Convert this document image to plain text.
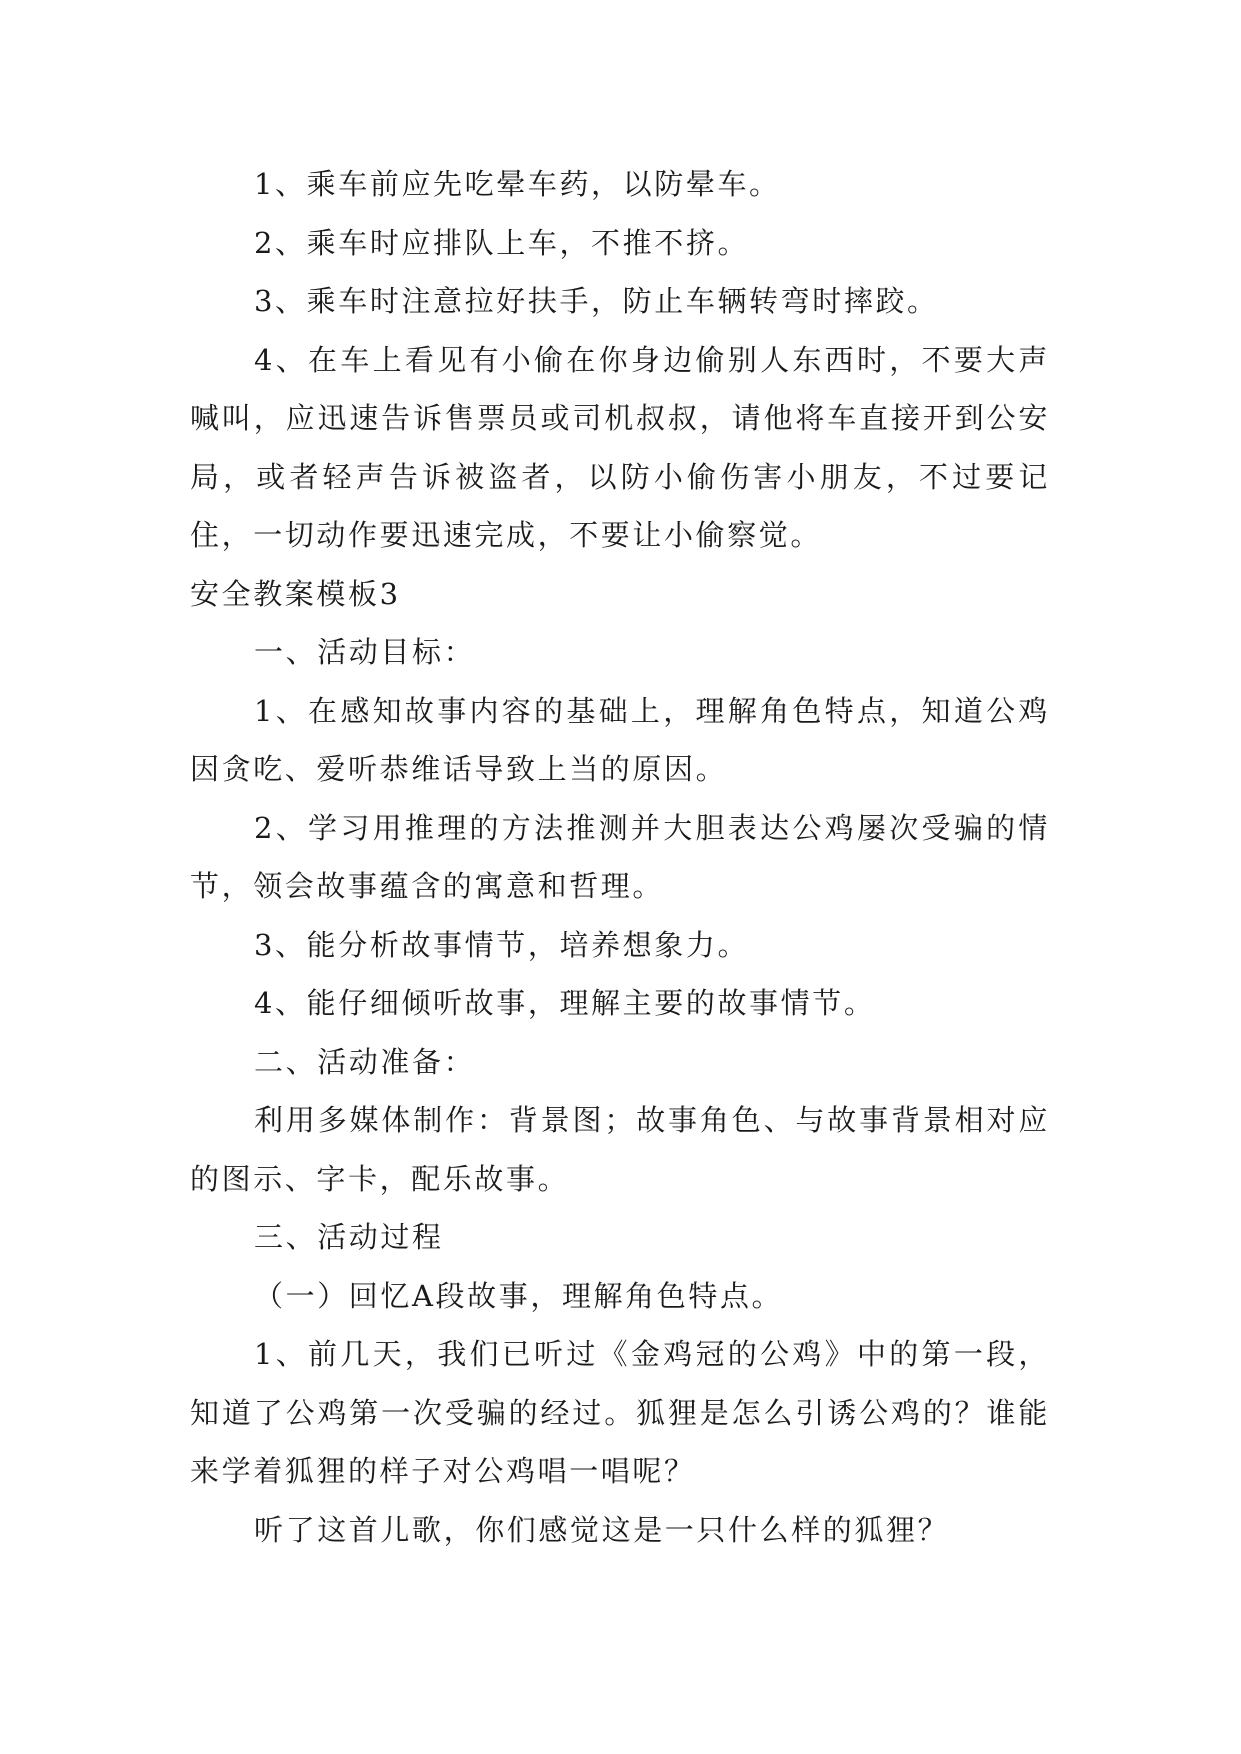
1、乘车前应先吃晕车药，以防晕车。

2、乘车时应排队上车，不推不挤。

3、乘车时注意拉好扶手，防止车辆转弯时摔跤。

4、在车上看见有小偷在你身边偷别人东西时，不要大声喊叫，应迅速告诉售票员或司机叔叔，请他将车直接开到公安局，或者轻声告诉被盗者，以防小偷伤害小朋友，不过要记住，一切动作要迅速完成，不要让小偷察觉。

安全教案模板3

一、活动目标：

1、在感知故事内容的基础上，理解角色特点，知道公鸡因贪吃、爱听恭维话导致上当的原因。

2、学习用推理的方法推测并大胆表达公鸡屡次受骗的情节，领会故事蕴含的寓意和哲理。

3、能分析故事情节，培养想象力。

4、能仔细倾听故事，理解主要的故事情节。

二、活动准备：

利用多媒体制作：背景图；故事角色、与故事背景相对应的图示、字卡，配乐故事。

三、活动过程

（一）回忆A段故事，理解角色特点。

1、前几天，我们已听过《金鸡冠的公鸡》中的第一段，知道了公鸡第一次受骗的经过。狐狸是怎么引诱公鸡的？谁能来学着狐狸的样子对公鸡唱一唱呢？

听了这首儿歌，你们感觉这是一只什么样的狐狸？
